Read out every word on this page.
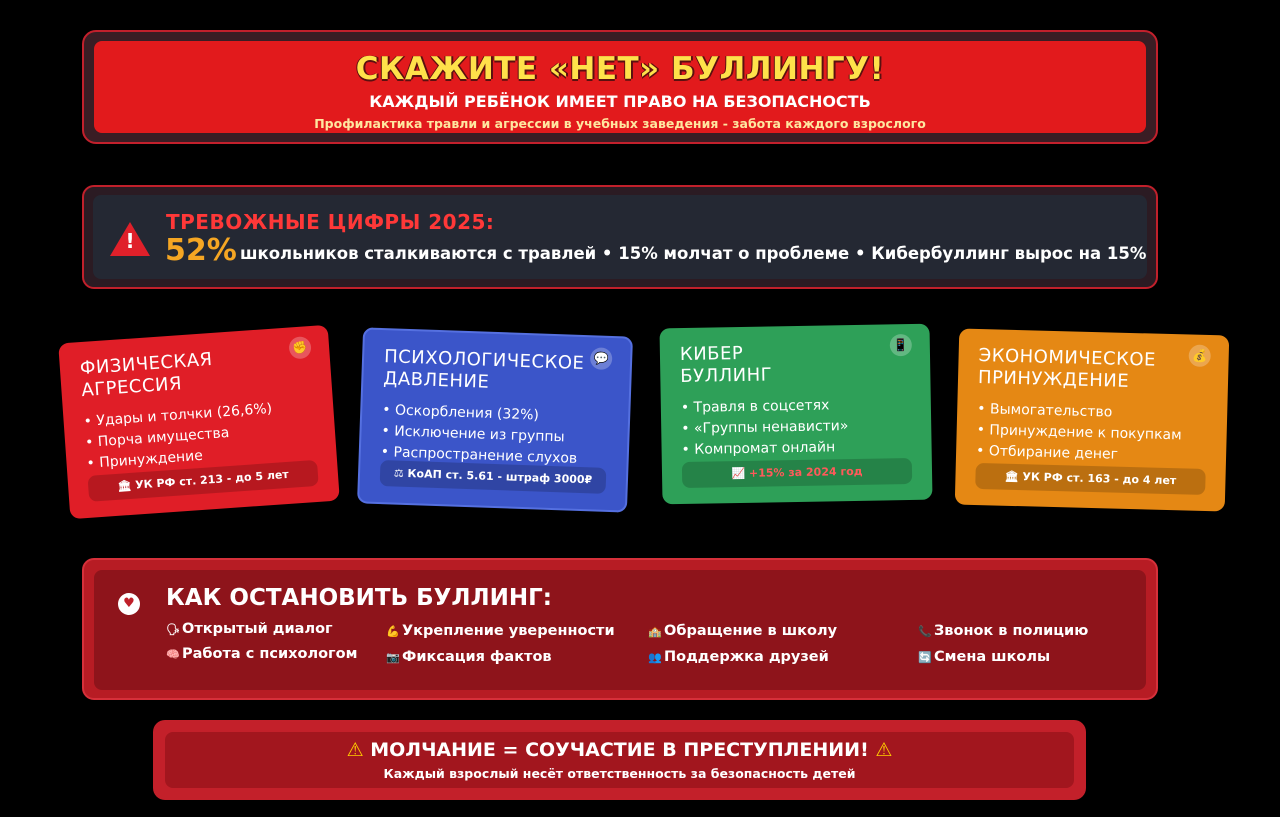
СКАЖИТЕ «НЕТ» БУЛЛИНГУ!
КАЖДЫЙ РЕБЁНОК ИМЕЕТ ПРАВО НА БЕЗОПАСНОСТЬ
Профилактика травли и агрессии в учебных заведения - забота каждого взрослого
!
ТРЕВОЖНЫЕ ЦИФРЫ 2025:
52% школьников сталкиваются с травлей • 15% молчат о проблеме • Кибербуллинг вырос на 15%
ФИЗИЧЕСКАЯ
АГРЕССИЯ
✊
• Удары и толчки (26,6%)
• Порча имущества
• Принуждение
🏛 УК РФ ст. 213 - до 5 лет
ПСИХОЛОГИЧЕСКОЕ
ДАВЛЕНИЕ
💬
• Оскорбления (32%)
• Исключение из группы
• Распространение слухов
⚖ КоАП ст. 5.61 - штраф 3000₽
КИБЕР
БУЛЛИНГ
📱
• Травля в соцсетях
• «Группы ненависти»
• Компромат онлайн
📈 +15% за 2024 год
ЭКОНОМИЧЕСКОЕ
ПРИНУЖДЕНИЕ
💰
• Вымогательство
• Принуждение к покупкам
• Отбирание денег
🏛 УК РФ ст. 163 - до 4 лет
♥ КАК ОСТАНОВИТЬ БУЛЛИНГ:
🗣 Открытый диалог
🧠 Работа с психологом
💪 Укрепление уверенности
📷 Фиксация фактов
🏫 Обращение в школу
👥 Поддержка друзей
📞 Звонок в полицию
🔄 Смена школы
⚠ МОЛЧАНИЕ = СОУЧАСТИЕ В ПРЕСТУПЛЕНИИ! ⚠
Каждый взрослый несёт ответственность за безопасность детей
